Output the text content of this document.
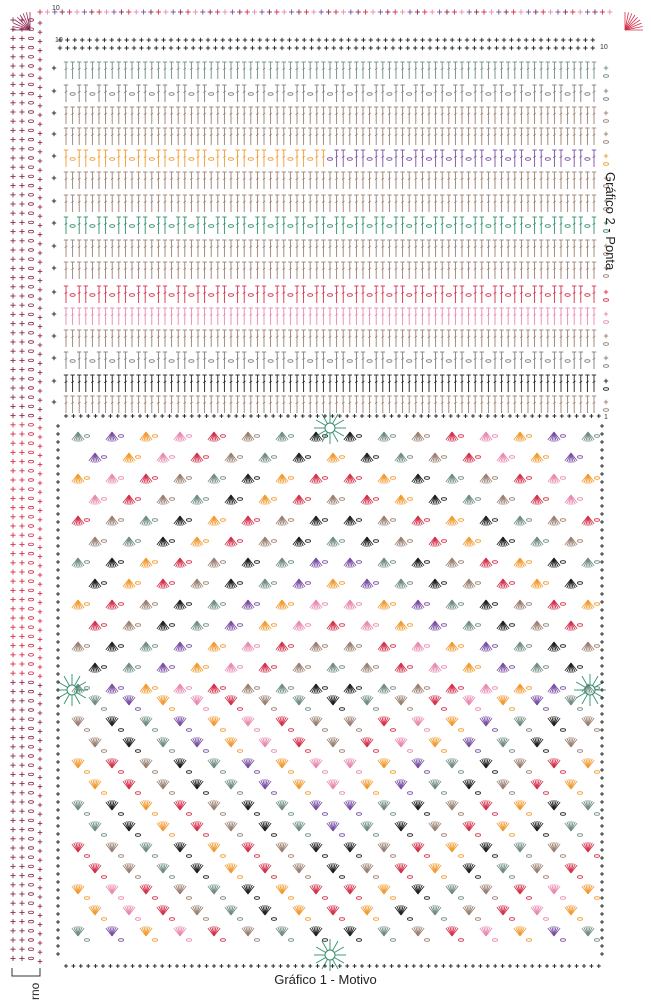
Gráfico 1 - Motivo
Gráfico 2 - Ponta
rno
10
10
10
1
